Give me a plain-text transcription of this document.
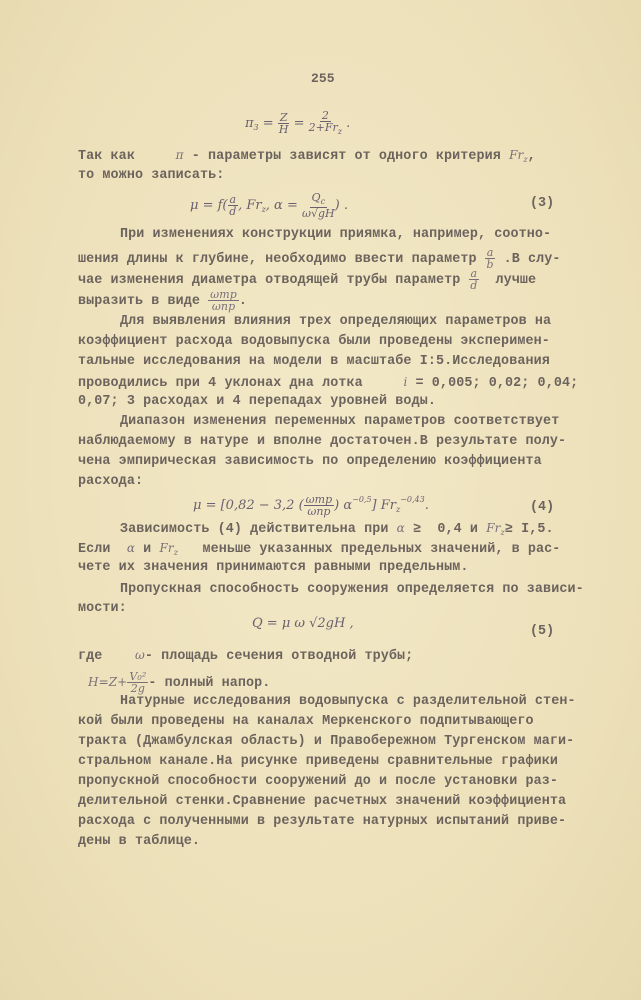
255
$\pi_3 = \frac{Z}{H} = \frac{2}{2+Fr_z}$ .
Так как     π - параметры зависят от одного критерия $Fr_z$,
то можно записать:
$\mu = f( \frac{a}{d}$ , $Fr_z$, $\alpha = \frac{Q_c}{\omega√gH}$ ) .	(3)
При изменениях конструкции приямка, например, соотно-
шения длины к глубине, необходимо ввести параметр $\frac{a}{b} .В$ слу-
чае изменения диаметра отводящей трубы параметр $\frac{a}{d}$ лучше
выразить в виде $\frac{\text{ωтр}}{\text{ωпр}}$ .
Для выявления влияния трех определяющих параметров на
коэффициент расхода водовыпуска были проведены эксперимен-
тальные исследования на модели в масштабе I:5.Исследования
проводились при 4 уклонах дна лотка     i = 0,005; 0,02; 0,04;
0,07; 3 расходах и 4 перепадах уровней воды.
Диапазон изменения переменных параметров соответствует
наблюдаемому в натуре и вполне достаточен.В результате полу-
чена эмпирическая зависимость по определению коэффициента
расхода:
μ = [0,82 − 3,2 ( $\frac{\text{ωтр}}{\text{ωпр}}$ ) $\alpha^{-0,5}$] $Fr_z^{-0,43}$.	(4)
Зависимость (4) действительна при α ≥  0,4 и $Fr_z\ge I,5$.
Если  α и $Fr_z$   меньше указанных предельных значений, в рас-
чете их значения принимаются равными предельным.
Пропускная способность сооружения определяется по зависи-
мости:
Q = μ ω √2gH ,
(5)
где    ω- площадь сечения отводной трубы;
$H=Z+ \frac{\text{V₀²}}{2g}$ - полный напор.
Натурные исследования водовыпуска с разделительной стен-
кой были проведены на каналах Меркенского подпитывающего
тракта (Джамбулская область) и Правобережном Тургенском маги-
стральном канале.На рисунке приведены сравнительные графики
пропускной способности сооружений до и после установки раз-
делительной стенки.Сравнение расчетных значений коэффициента
расхода с полученными в результате натурных испытаний приве-
дены в таблице.
